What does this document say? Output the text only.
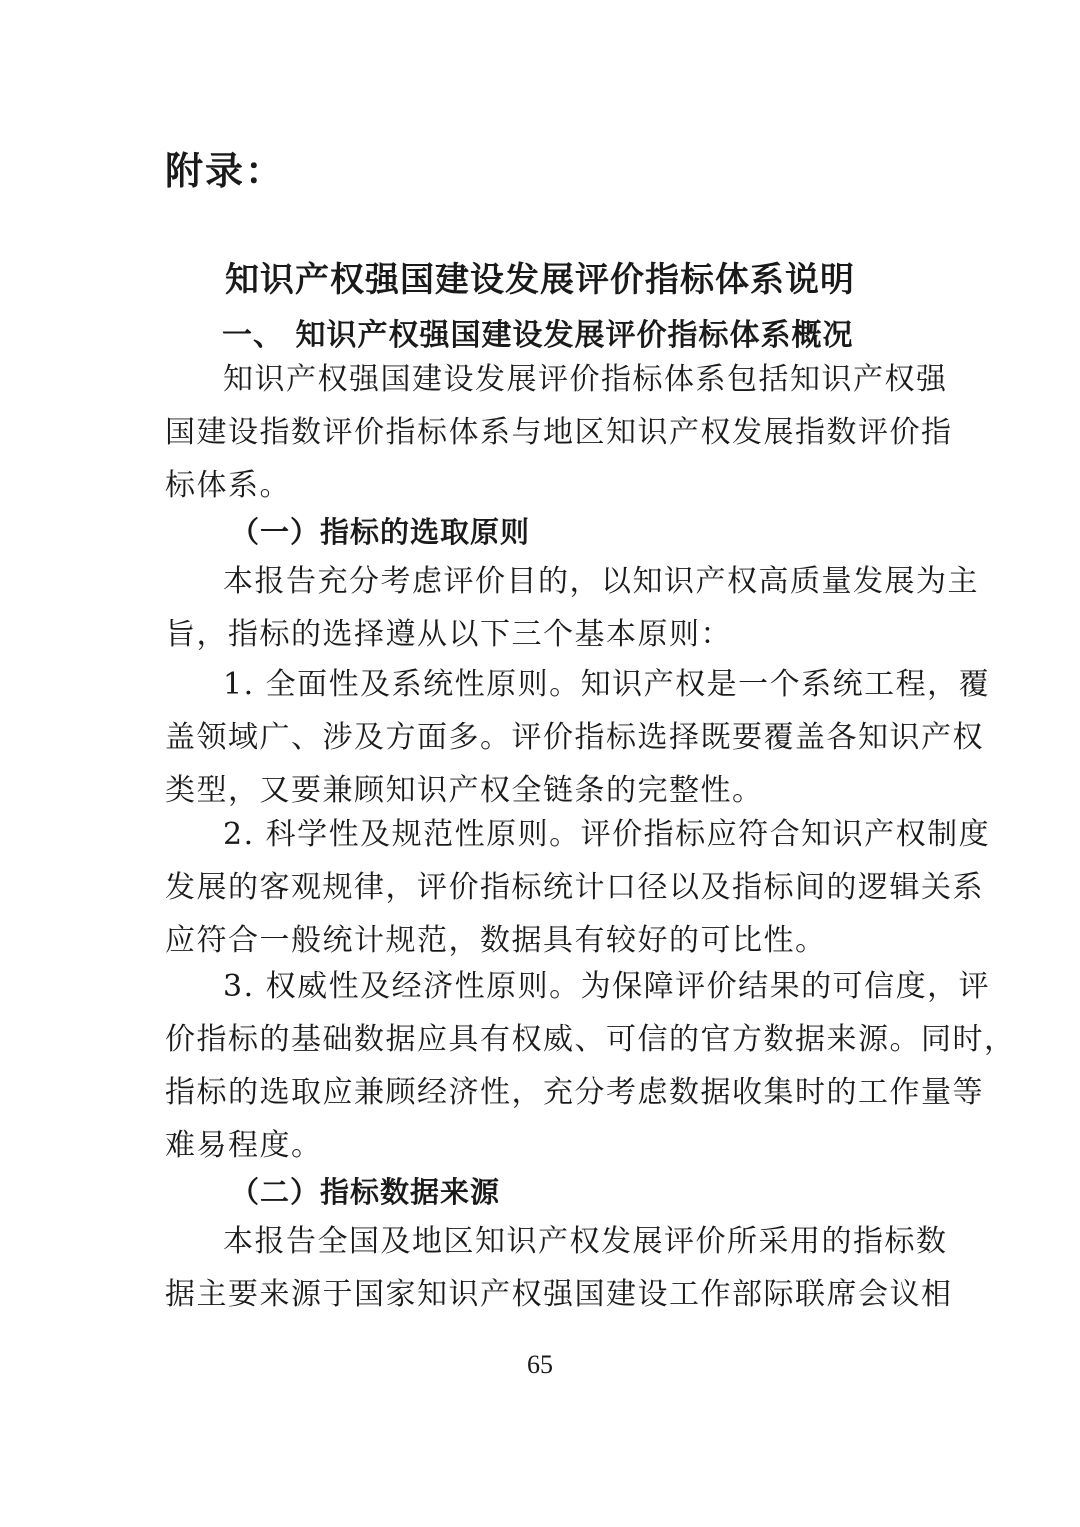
附录：
知识产权强国建设发展评价指标体系说明
一、 知识产权强国建设发展评价指标体系概况
知识产权强国建设发展评价指标体系包括知识产权强
国建设指数评价指标体系与地区知识产权发展指数评价指
标体系。
（一）指标的选取原则
本报告充分考虑评价目的，以知识产权高质量发展为主
旨，指标的选择遵从以下三个基本原则：
1. 全面性及系统性原则。知识产权是一个系统工程，覆
盖领域广、涉及方面多。评价指标选择既要覆盖各知识产权
类型，又要兼顾知识产权全链条的完整性。
2. 科学性及规范性原则。评价指标应符合知识产权制度
发展的客观规律，评价指标统计口径以及指标间的逻辑关系
应符合一般统计规范，数据具有较好的可比性。
3. 权威性及经济性原则。为保障评价结果的可信度，评
价指标的基础数据应具有权威、可信的官方数据来源。同时，
指标的选取应兼顾经济性，充分考虑数据收集时的工作量等
难易程度。
（二）指标数据来源
本报告全国及地区知识产权发展评价所采用的指标数
据主要来源于国家知识产权强国建设工作部际联席会议相
65
